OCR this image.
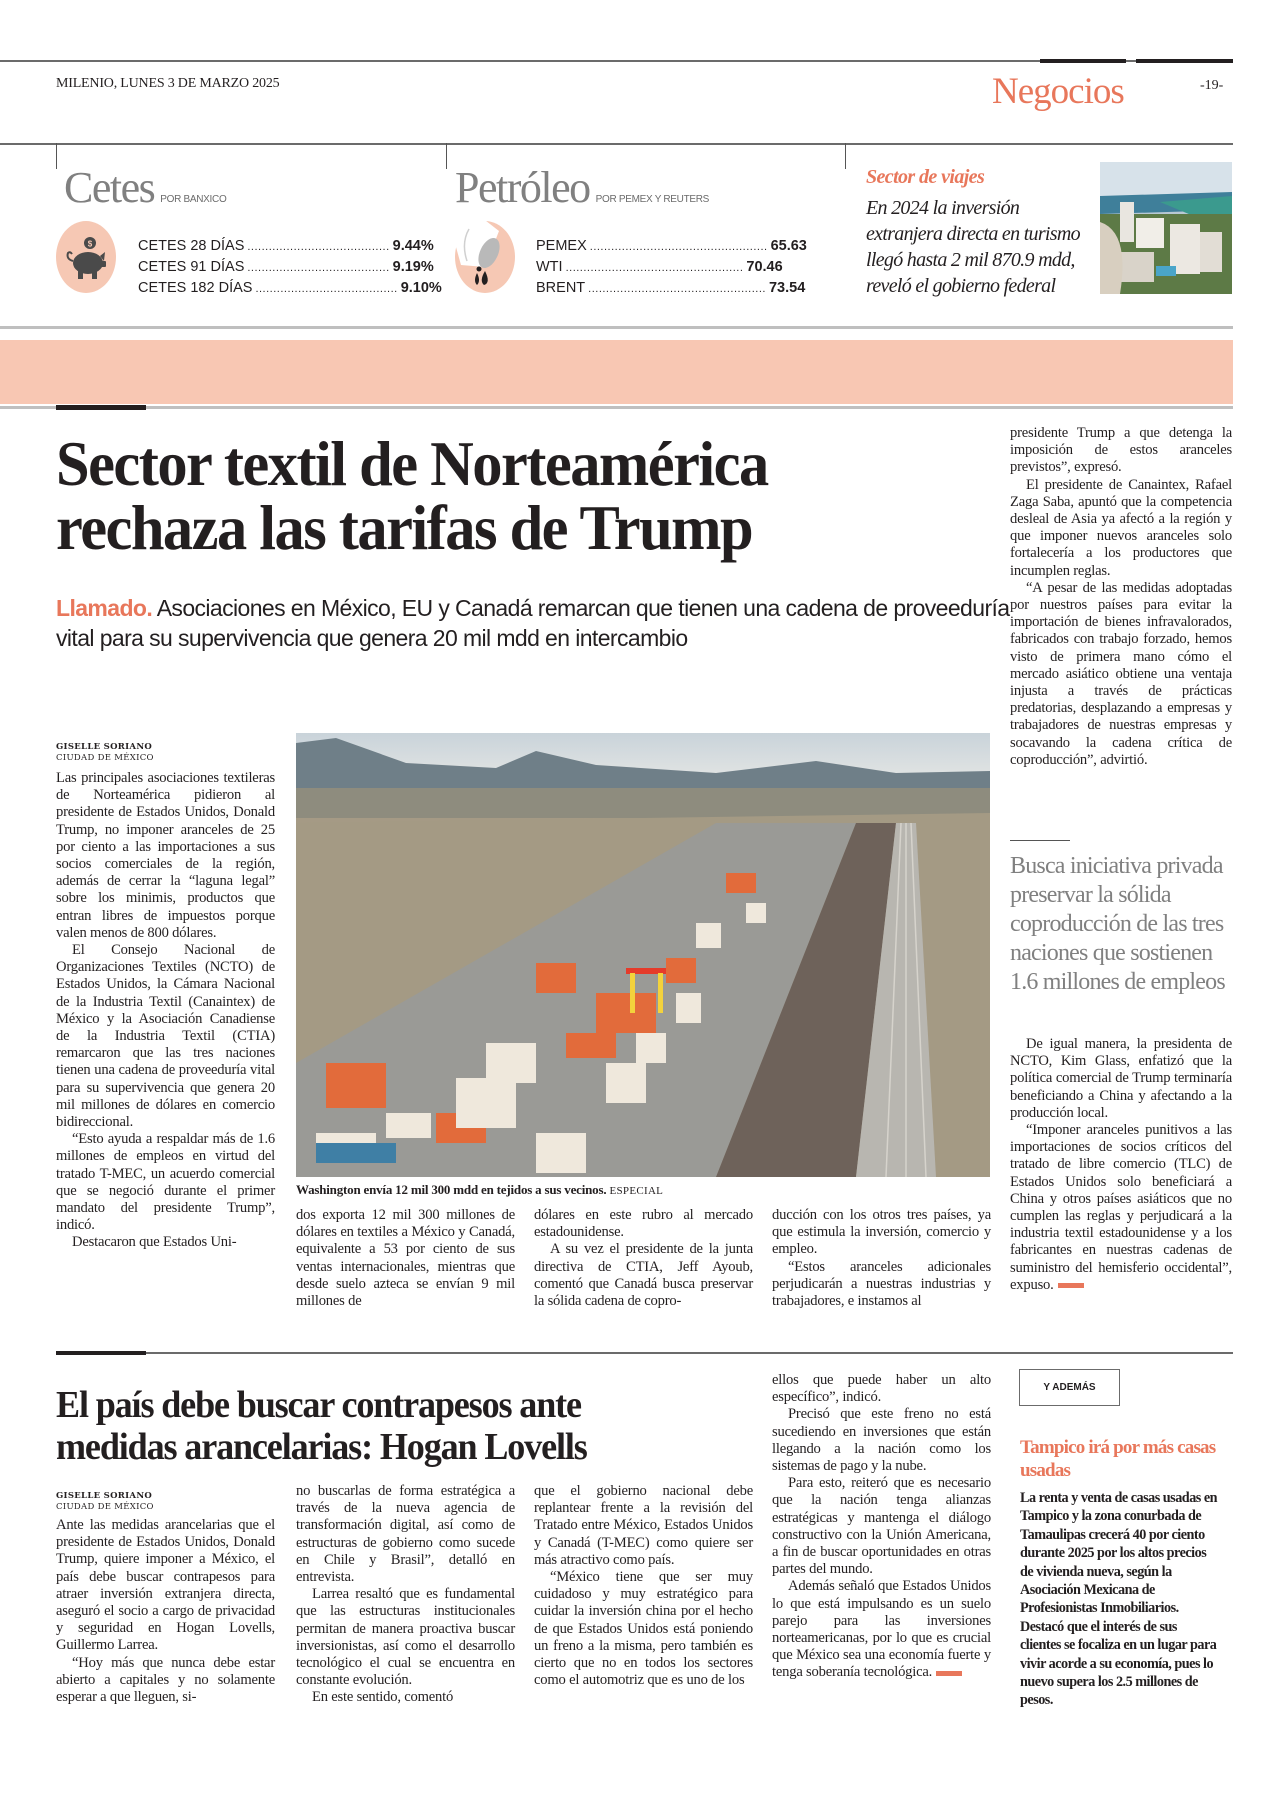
MILENIO, LUNES 3 DE MARZO 2025	Negocios	-19-
Cetes POR BANXICO
$	CETES 28 DÍAS ........................................ 9.44%
CETES 91 DÍAS ........................................ 9.19%
CETES 182 DÍAS ........................................ 9.10%
Petróleo POR PEMEX Y REUTERS
PEMEX .................................................. 65.63
WTI .................................................. 70.46
BRENT .................................................. 73.54
Sector de viajes
En 2024 la inversión extranjera directa en turismo llegó hasta 2 mil 870.9 mdd, reveló el gobierno federal
Sector textil de Norteamérica
rechaza las tarifas de Trump
Llamado. Asociaciones en México, EU y Canadá remarcan que tienen una cadena de proveeduría vital para su supervivencia que genera 20 mil mdd en intercambio
GISELLE SORIANO
CIUDAD DE MÉXICO

Las principales asociaciones textileras de Norteamérica pidieron al presidente de Estados Unidos, Donald Trump, no imponer aranceles de 25 por ciento a las importaciones a sus socios comerciales de la región, además de cerrar la “laguna legal” sobre los minimis, productos que entran libres de impuestos porque valen menos de 800 dólares.

El Consejo Nacional de Organizaciones Textiles (NCTO) de Estados Unidos, la Cámara Nacional de la Industria Textil (Canaintex) de México y la Asociación Canadiense de la Industria Textil (CTIA) remarcaron que las tres naciones tienen una cadena de proveeduría vital para su supervivencia que genera 20 mil millones de dólares en comercio bidireccional.

“Esto ayuda a respaldar más de 1.6 millones de empleos en virtud del tratado T-MEC, un acuerdo comercial que se negoció durante el primer mandato del presidente Trump”, indicó.

Destacaron que Estados Uni-

Washington envía 12 mil 300 mdd en tejidos a sus vecinos. ESPECIAL

dos exporta 12 mil 300 millones de dólares en textiles a México y Canadá, equivalente a 53 por ciento de sus ventas internacionales, mientras que desde suelo azteca se envían 9 mil millones de

dólares en este rubro al mercado estadounidense.

A su vez el presidente de la junta directiva de CTIA, Jeff Ayoub, comentó que Canadá busca preservar la sólida cadena de copro-

ducción con los otros tres países, ya que estimula la inversión, comercio y empleo.

“Estos aranceles adicionales perjudicarán a nuestras industrias y trabajadores, e instamos al

presidente Trump a que detenga la imposición de estos aranceles previstos”, expresó.

El presidente de Canaintex, Rafael Zaga Saba, apuntó que la competencia desleal de Asia ya afectó a la región y que imponer nuevos aranceles solo fortalecería a los productores que incumplen reglas.

“A pesar de las medidas adoptadas por nuestros países para evitar la importación de bienes infravalorados, fabricados con trabajo forzado, hemos visto de primera mano cómo el mercado asiático obtiene una ventaja injusta a través de prácticas predatorias, desplazando a empresas y trabajadores de nuestras empresas y socavando la cadena crítica de coproducción”, advirtió.

Busca iniciativa privada preservar la sólida coproducción de las tres naciones que sostienen 1.6 millones de empleos

De igual manera, la presidenta de NCTO, Kim Glass, enfatizó que la política comercial de Trump terminaría beneficiando a China y afectando a la producción local.

“Imponer aranceles punitivos a las importaciones de socios críticos del tratado de libre comercio (TLC) de Estados Unidos solo beneficiará a China y otros países asiáticos que no cumplen las reglas y perjudicará a la industria textil estadounidense y a los fabricantes en nuestras cadenas de suministro del hemisferio occidental”, expuso.

El país debe buscar contrapesos ante
medidas arancelarias: Hogan Lovells
GISELLE SORIANO
CIUDAD DE MÉXICO

Ante las medidas arancelarias que el presidente de Estados Unidos, Donald Trump, quiere imponer a México, el país debe buscar contrapesos para atraer inversión extranjera directa, aseguró el socio a cargo de privacidad y seguridad en Hogan Lovells, Guillermo Larrea.

“Hoy más que nunca debe estar abierto a capitales y no solamente esperar a que lleguen, si-

no buscarlas de forma estratégica a través de la nueva agencia de transformación digital, así como de estructuras de gobierno como sucede en Chile y Brasil”, detalló en entrevista.

Larrea resaltó que es fundamental que las estructuras institucionales permitan de manera proactiva buscar inversionistas, así como el desarrollo tecnológico el cual se encuentra en constante evolución.

En este sentido, comentó

que el gobierno nacional debe replantear frente a la revisión del Tratado entre México, Estados Unidos y Canadá (T-MEC) como quiere ser más atractivo como país.

“México tiene que ser muy cuidadoso y muy estratégico para cuidar la inversión china por el hecho de que Estados Unidos está poniendo un freno a la misma, pero también es cierto que no en todos los sectores como el automotriz que es uno de los

ellos que puede haber un alto específico”, indicó.

Precisó que este freno no está sucediendo en inversiones que están llegando a la nación como los sistemas de pago y la nube.

Para esto, reiteró que es necesario que la nación tenga alianzas estratégicas y mantenga el diálogo constructivo con la Unión Americana, a fin de buscar oportunidades en otras partes del mundo.

Además señaló que Estados Unidos lo que está impulsando es un suelo parejo para las inversiones norteamericanas, por lo que es crucial que México sea una economía fuerte y tenga soberanía tecnológica.

Y ADEMÁS
Tampico irá por más casas usadas
La renta y venta de casas usadas en Tampico y la zona conurbada de Tamaulipas crecerá 40 por ciento durante 2025 por los altos precios de vivienda nueva, según la Asociación Mexicana de Profesionistas Inmobiliarios. Destacó que el interés de sus clientes se focaliza en un lugar para vivir acorde a su economía, pues lo nuevo supera los 2.5 millones de pesos.
